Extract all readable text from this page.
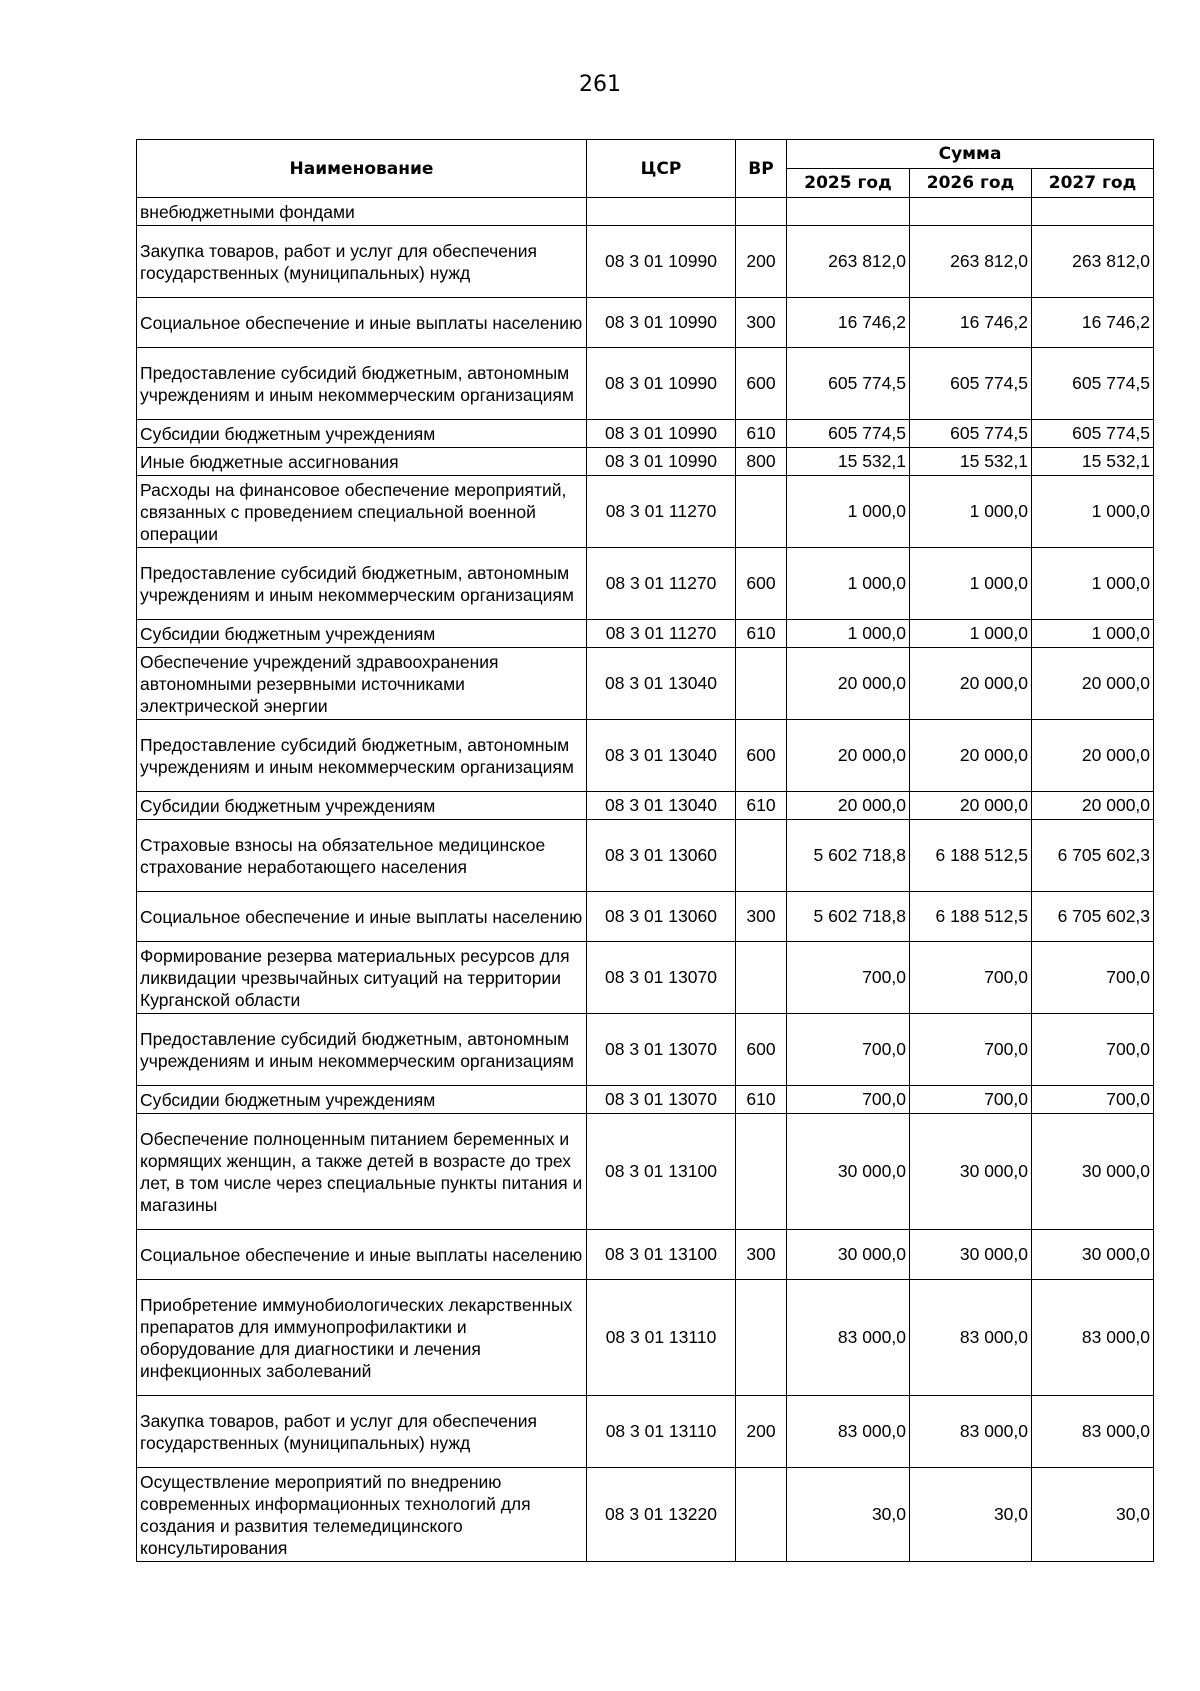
261
Наименование	ЦСР	ВР	Сумма		
			2025 год	2026 год	2027 год
внебюджетными фондами					
Закупка товаров, работ и услуг для обеспечения государственных (муниципальных) нужд	08 3 01 10990	200	263 812,0	263 812,0	263 812,0
Социальное обеспечение и иные выплаты населению	08 3 01 10990	300	16 746,2	16 746,2	16 746,2
Предоставление субсидий бюджетным, автономным учреждениям и иным некоммерческим организациям	08 3 01 10990	600	605 774,5	605 774,5	605 774,5
Субсидии бюджетным учреждениям	08 3 01 10990	610	605 774,5	605 774,5	605 774,5
Иные бюджетные ассигнования	08 3 01 10990	800	15 532,1	15 532,1	15 532,1
Расходы на финансовое обеспечение мероприятий, связанных с проведением специальной военной операции	08 3 01 11270		1 000,0	1 000,0	1 000,0
Предоставление субсидий бюджетным, автономным учреждениям и иным некоммерческим организациям	08 3 01 11270	600	1 000,0	1 000,0	1 000,0
Субсидии бюджетным учреждениям	08 3 01 11270	610	1 000,0	1 000,0	1 000,0
Обеспечение учреждений здравоохранения автономными резервными источниками электрической энергии	08 3 01 13040		20 000,0	20 000,0	20 000,0
Предоставление субсидий бюджетным, автономным учреждениям и иным некоммерческим организациям	08 3 01 13040	600	20 000,0	20 000,0	20 000,0
Субсидии бюджетным учреждениям	08 3 01 13040	610	20 000,0	20 000,0	20 000,0
Страховые взносы на обязательное медицинское страхование неработающего населения	08 3 01 13060		5 602 718,8	6 188 512,5	6 705 602,3
Социальное обеспечение и иные выплаты населению	08 3 01 13060	300	5 602 718,8	6 188 512,5	6 705 602,3
Формирование резерва материальных ресурсов для ликвидации чрезвычайных ситуаций на территории Курганской области	08 3 01 13070		700,0	700,0	700,0
Предоставление субсидий бюджетным, автономным учреждениям и иным некоммерческим организациям	08 3 01 13070	600	700,0	700,0	700,0
Субсидии бюджетным учреждениям	08 3 01 13070	610	700,0	700,0	700,0
Обеспечение полноценным питанием беременных и кормящих женщин, а также детей в возрасте до трех лет, в том числе через специальные пункты питания и магазины	08 3 01 13100		30 000,0	30 000,0	30 000,0
Социальное обеспечение и иные выплаты населению	08 3 01 13100	300	30 000,0	30 000,0	30 000,0
Приобретение иммунобиологических лекарственных препаратов для иммунопрофилактики и оборудование для диагностики и лечения инфекционных заболеваний	08 3 01 13110		83 000,0	83 000,0	83 000,0
Закупка товаров, работ и услуг для обеспечения государственных (муниципальных) нужд	08 3 01 13110	200	83 000,0	83 000,0	83 000,0
Осуществление мероприятий по внедрению современных информационных технологий для создания и развития телемедицинского консультирования	08 3 01 13220		30,0	30,0	30,0
